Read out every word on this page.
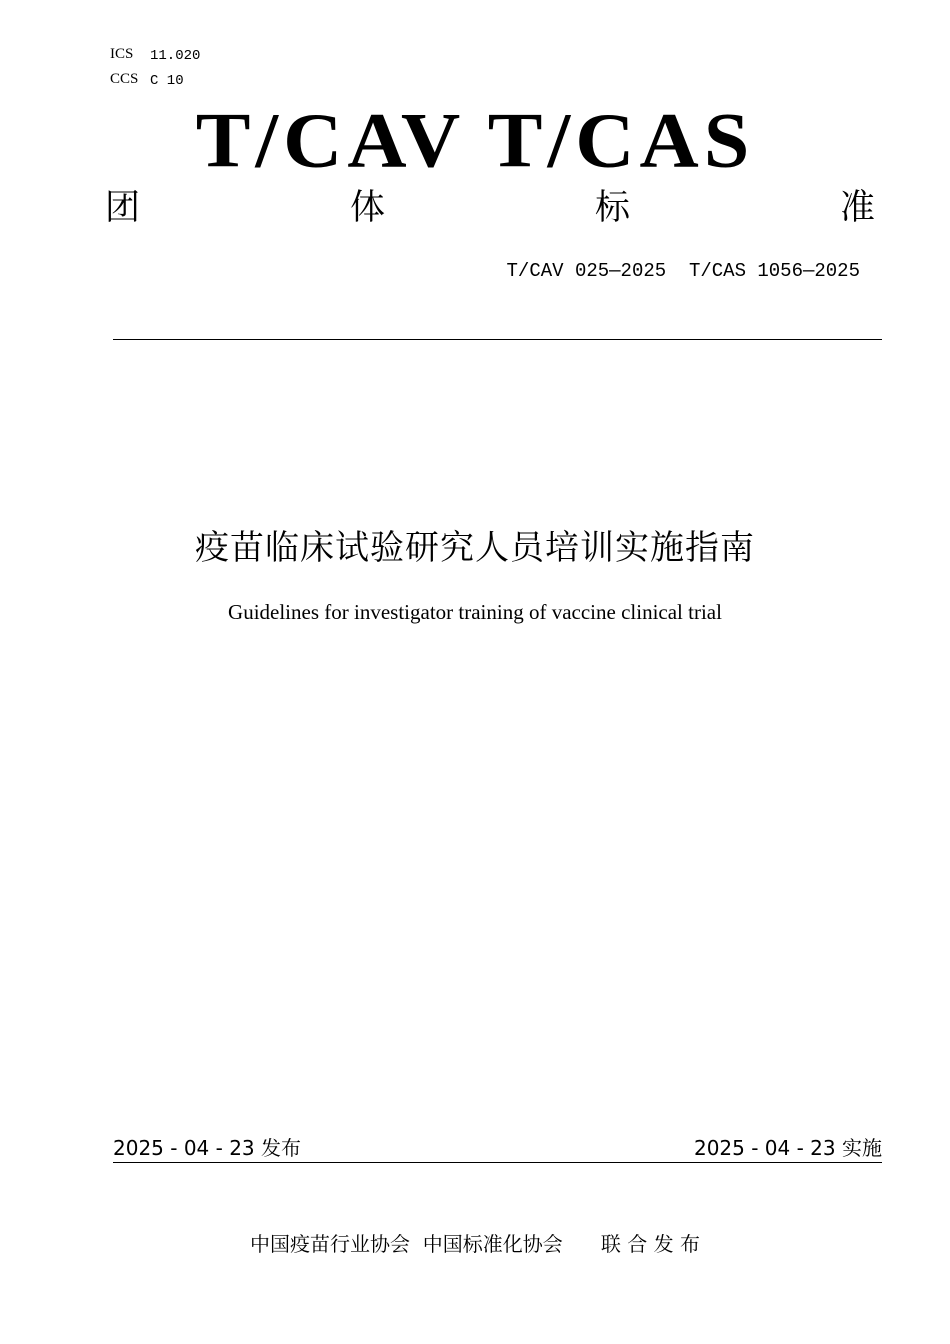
ICS 11.020
CCS C 10
T/CAV T/CAS
团	体	标	准
T/CAV 025—2025  T/CAS 1056—2025
疫苗临床试验研究人员培训实施指南
Guidelines for investigator training of vaccine clinical trial
2025 - 04 - 23 发布	2025 - 04 - 23 实施
中国疫苗行业协会  中国标准化协会      联 合 发 布
